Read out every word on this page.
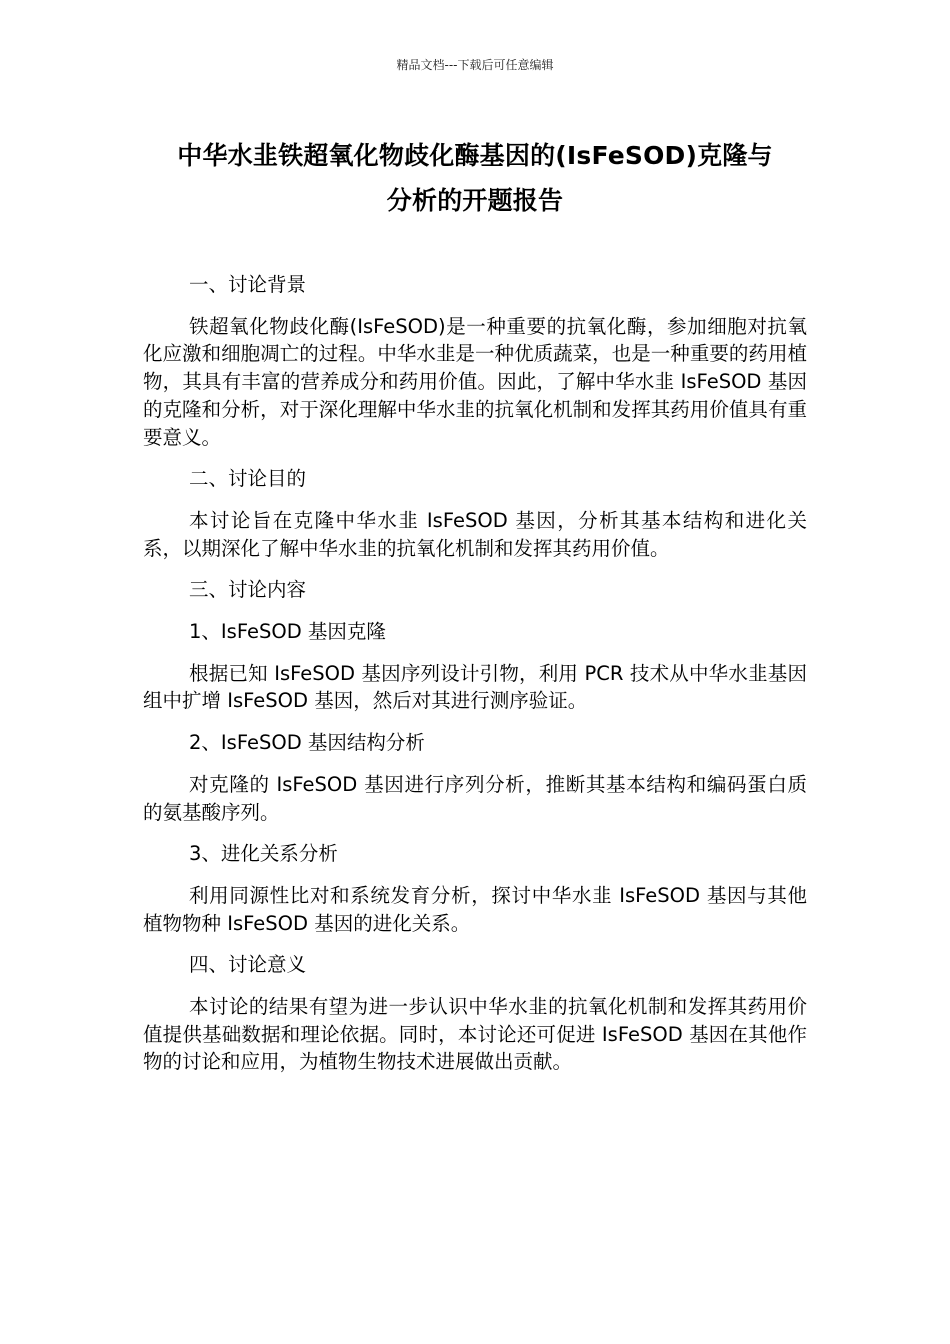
精品文档---下载后可任意编辑
中华水韭铁超氧化物歧化酶基因的(IsFeSOD)克隆与
分析的开题报告

一、讨论背景

铁超氧化物歧化酶(IsFeSOD)是一种重要的抗氧化酶，参加细胞对抗氧化应激和细胞凋亡的过程。中华水韭是一种优质蔬菜，也是一种重要的药用植物，其具有丰富的营养成分和药用价值。因此，了解中华水韭 IsFeSOD 基因的克隆和分析，对于深化理解中华水韭的抗氧化机制和发挥其药用价值具有重要意义。

二、讨论目的

本讨论旨在克隆中华水韭 IsFeSOD 基因，分析其基本结构和进化关系，以期深化了解中华水韭的抗氧化机制和发挥其药用价值。

三、讨论内容

1、IsFeSOD 基因克隆

根据已知 IsFeSOD 基因序列设计引物，利用 PCR 技术从中华水韭基因组中扩增 IsFeSOD 基因，然后对其进行测序验证。

2、IsFeSOD 基因结构分析

对克隆的 IsFeSOD 基因进行序列分析，推断其基本结构和编码蛋白质的氨基酸序列。

3、进化关系分析

利用同源性比对和系统发育分析，探讨中华水韭 IsFeSOD 基因与其他植物物种 IsFeSOD 基因的进化关系。

四、讨论意义

本讨论的结果有望为进一步认识中华水韭的抗氧化机制和发挥其药用价值提供基础数据和理论依据。同时，本讨论还可促进 IsFeSOD 基因在其他作物的讨论和应用，为植物生物技术进展做出贡献。
